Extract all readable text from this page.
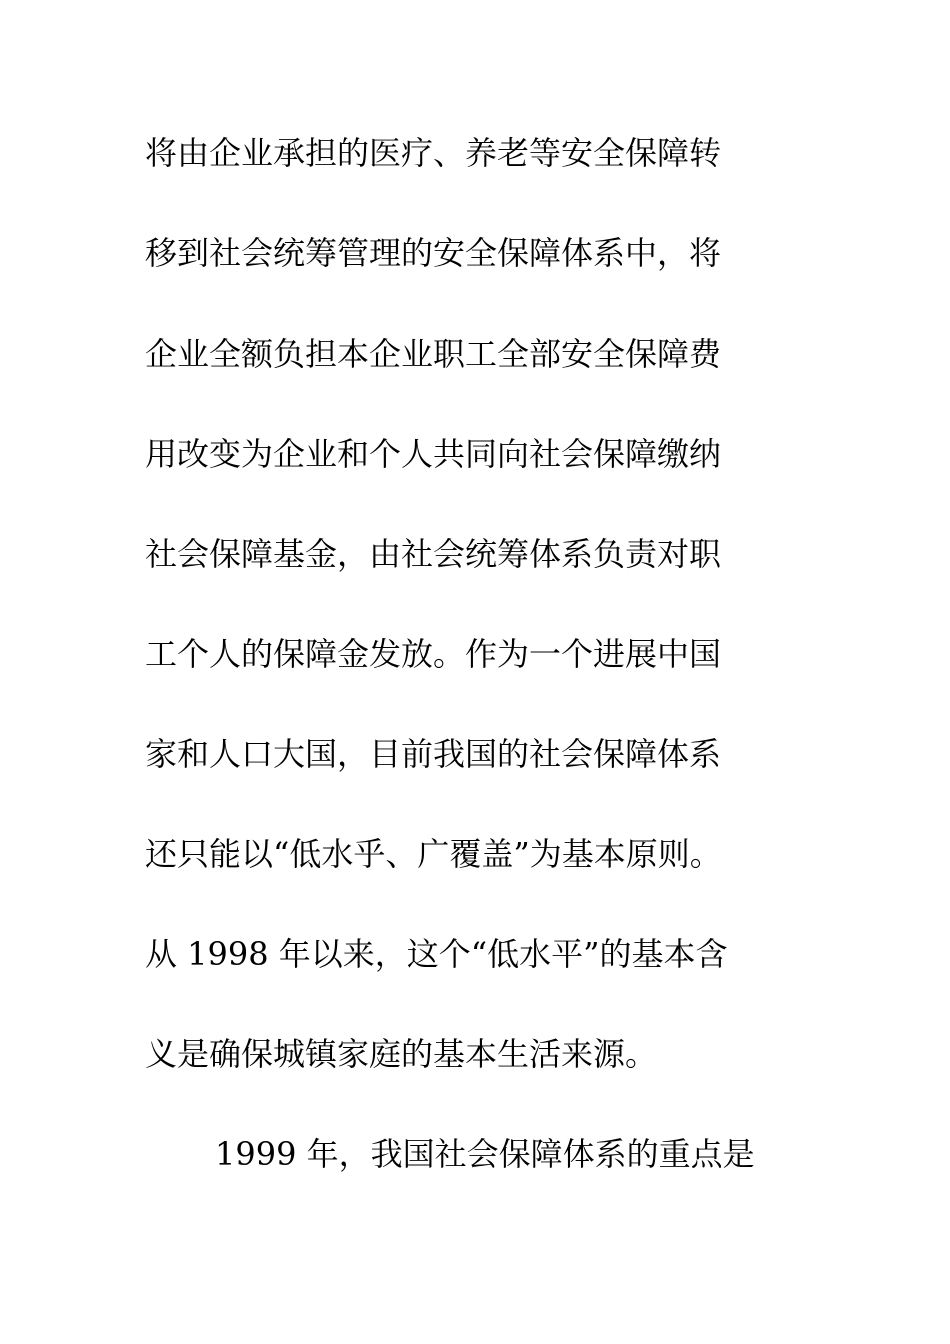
将由企业承担的医疗、养老等安全保障转
移到社会统筹管理的安全保障体系中，将
企业全额负担本企业职工全部安全保障费
用改变为企业和个人共同向社会保障缴纳
社会保障基金，由社会统筹体系负责对职
工个人的保障金发放。作为一个进展中国
家和人口大国，目前我国的社会保障体系
还只能以“低水乎、广覆盖”为基本原则。
从 1998 年以来，这个“低水平”的基本含
义是确保城镇家庭的基本生活来源。
1999 年，我国社会保障体系的重点是
